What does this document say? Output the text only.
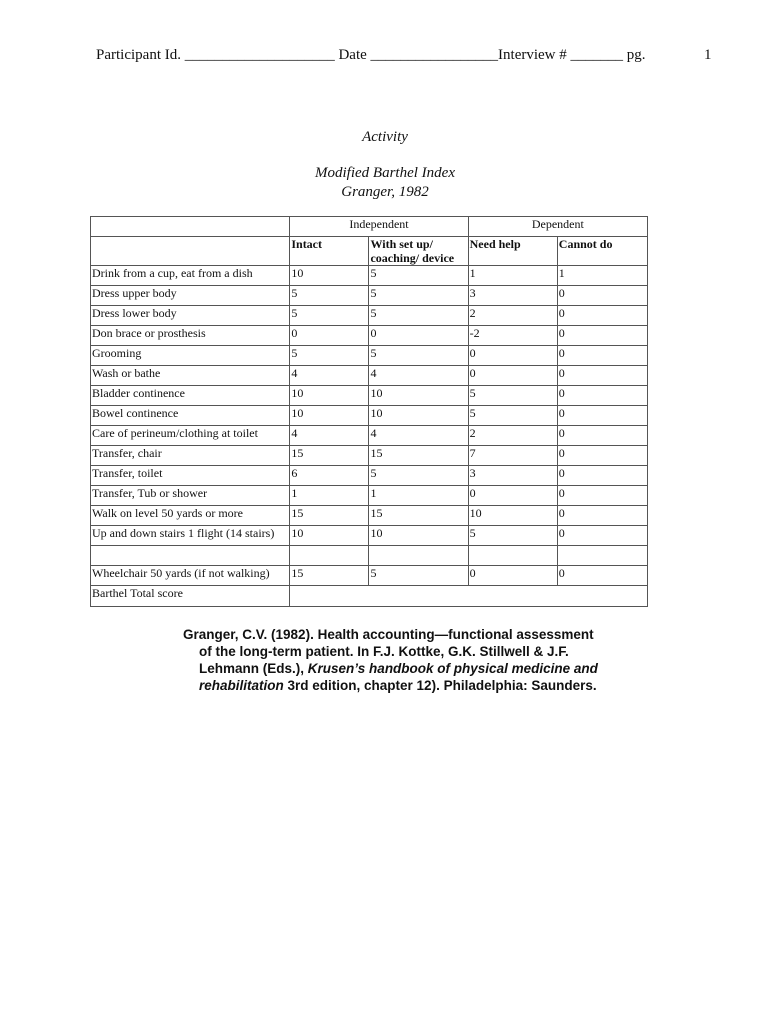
Participant Id. ____________________ Date _________________Interview # _______ pg.	1
Activity
Modified Barthel Index
Granger, 1982
	Independent		Dependent	
	Intact	With set up/ coaching/ device	Need help	Cannot do
Drink from a cup, eat from a dish	10	5	1	1
Dress upper body	5	5	3	0
Dress lower body	5	5	2	0
Don brace or prosthesis	0	0	-2	0
Grooming	5	5	0	0
Wash or bathe	4	4	0	0
Bladder continence	10	10	5	0
Bowel continence	10	10	5	0
Care of perineum/clothing at toilet	4	4	2	0
Transfer, chair	15	15	7	0
Transfer, toilet	6	5	3	0
Transfer, Tub or shower	1	1	0	0
Walk on level 50 yards or more	15	15	10	0
Up and down stairs 1 flight (14 stairs)	10	10	5	0

Wheelchair 50 yards (if not walking)	15	5	0	0
Barthel Total score				
Granger, C.V. (1982). Health accounting—functional assessment
of the long-term patient. In F.J. Kottke, G.K. Stillwell & J.F.
Lehmann (Eds.), Krusen’s handbook of physical medicine and
rehabilitation 3rd edition, chapter 12). Philadelphia: Saunders.
